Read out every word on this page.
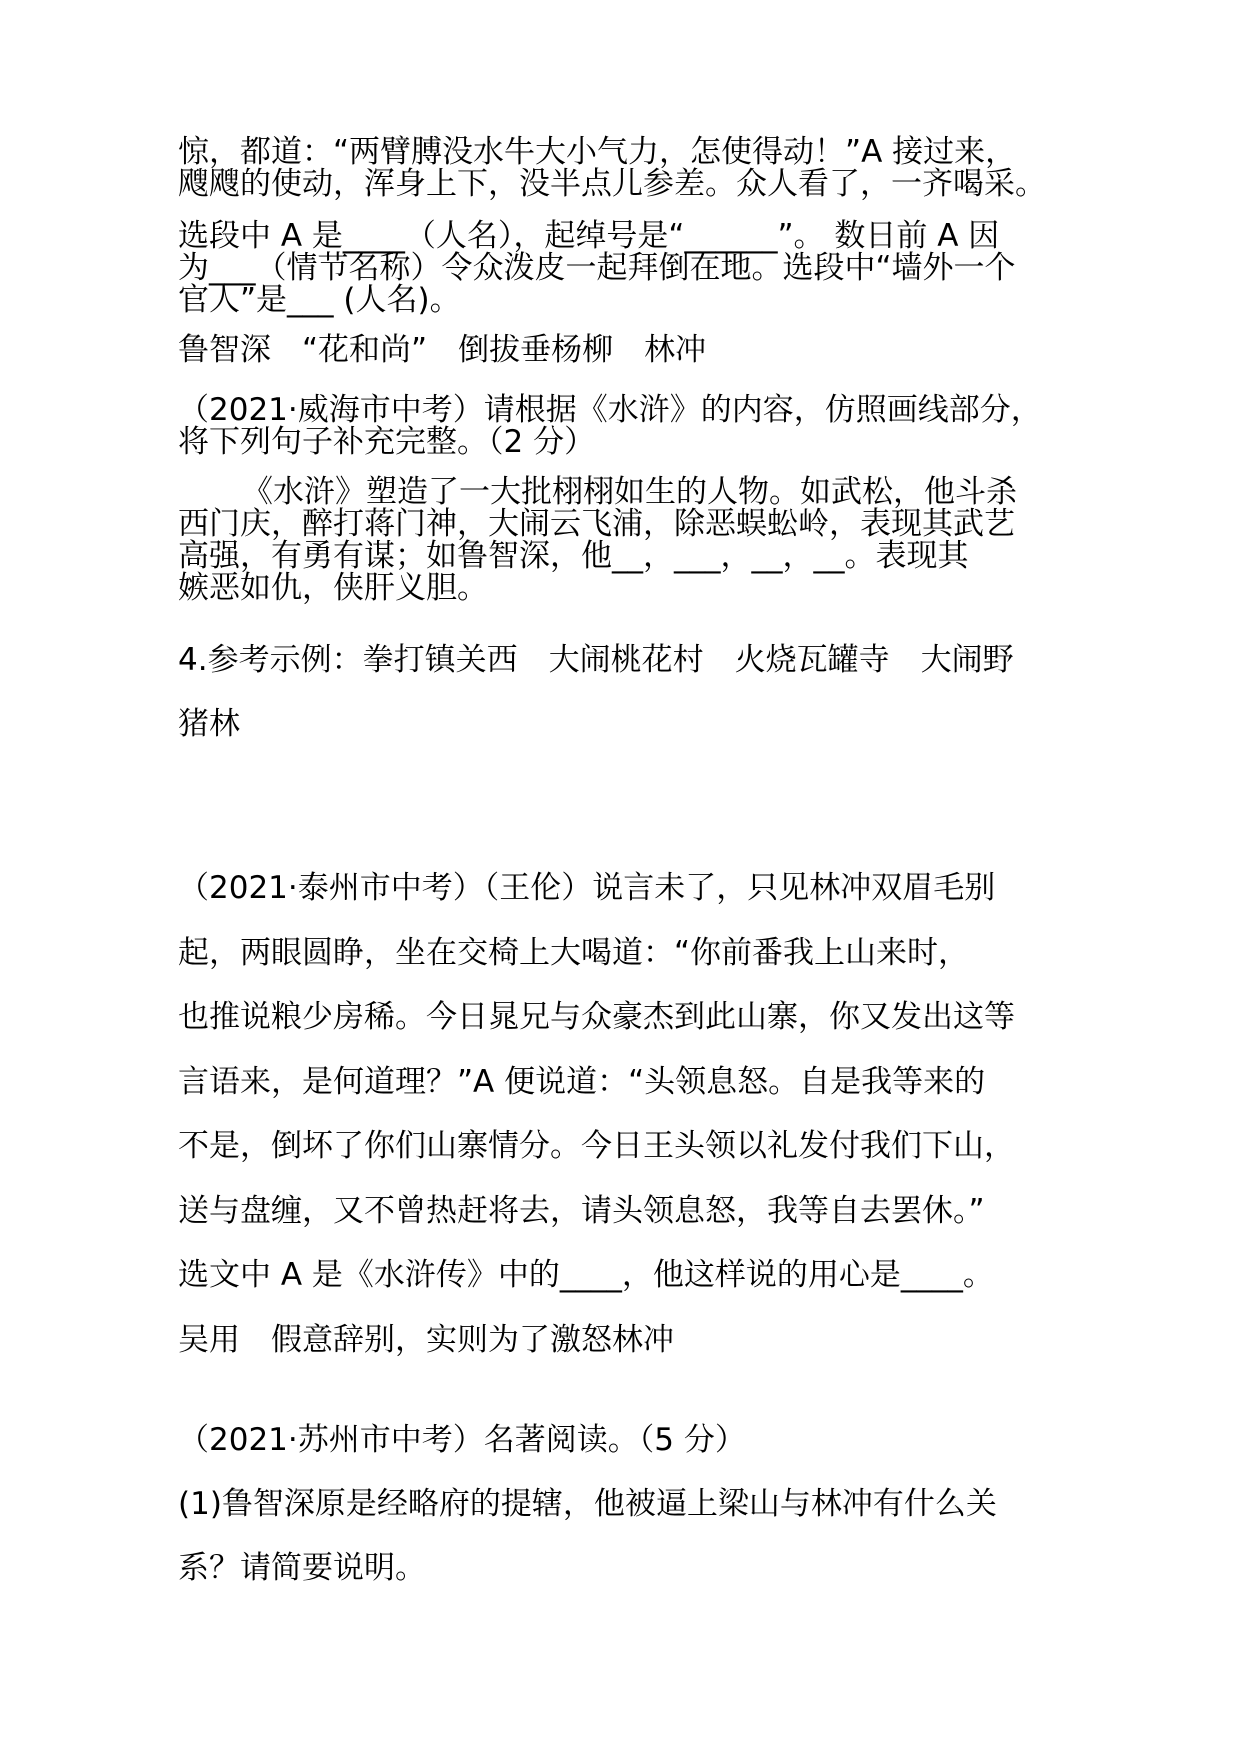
惊，都道：“两臂膊没水牛大小气力，怎使得动！”A 接过来，
飕飕的使动，浑身上下，没半点儿参差。众人看了，一齐喝采。
选段中 A 是____（人名），起绰号是“______”。 数日前 A 因
为___（情节名称）令众泼皮一起拜倒在地。选段中“墙外一个
官人”是___ (人名)。
鲁智深　“花和尚”　倒拔垂杨柳　林冲
（2021·威海市中考）请根据《水浒》的内容，仿照画线部分，
将下列句子补充完整。（2 分）
《水浒》塑造了一大批栩栩如生的人物。如武松，他斗杀
西门庆，醉打蒋门神，大闹云飞浦，除恶蜈蚣岭，表现其武艺
高强，有勇有谋；如鲁智深，他__，___，__，__。表现其
嫉恶如仇，侠肝义胆。
4.参考示例：拳打镇关西　大闹桃花村　火烧瓦罐寺　大闹野
猪林
（2021·泰州市中考）（王伦）说言未了，只见林冲双眉毛别
起，两眼圆睁，坐在交椅上大喝道：“你前番我上山来时，
也推说粮少房稀。今日晁兄与众豪杰到此山寨，你又发出这等
言语来，是何道理？”A 便说道：“头领息怒。自是我等来的
不是，倒坏了你们山寨情分。今日王头领以礼发付我们下山，
送与盘缠，又不曾热赶将去，请头领息怒，我等自去罢休。”
选文中 A 是《水浒传》中的____，他这样说的用心是____。
吴用　假意辞别，实则为了激怒林冲
（2021·苏州市中考）名著阅读。（5 分）
(1)鲁智深原是经略府的提辖，他被逼上梁山与林冲有什么关
系？请简要说明。
